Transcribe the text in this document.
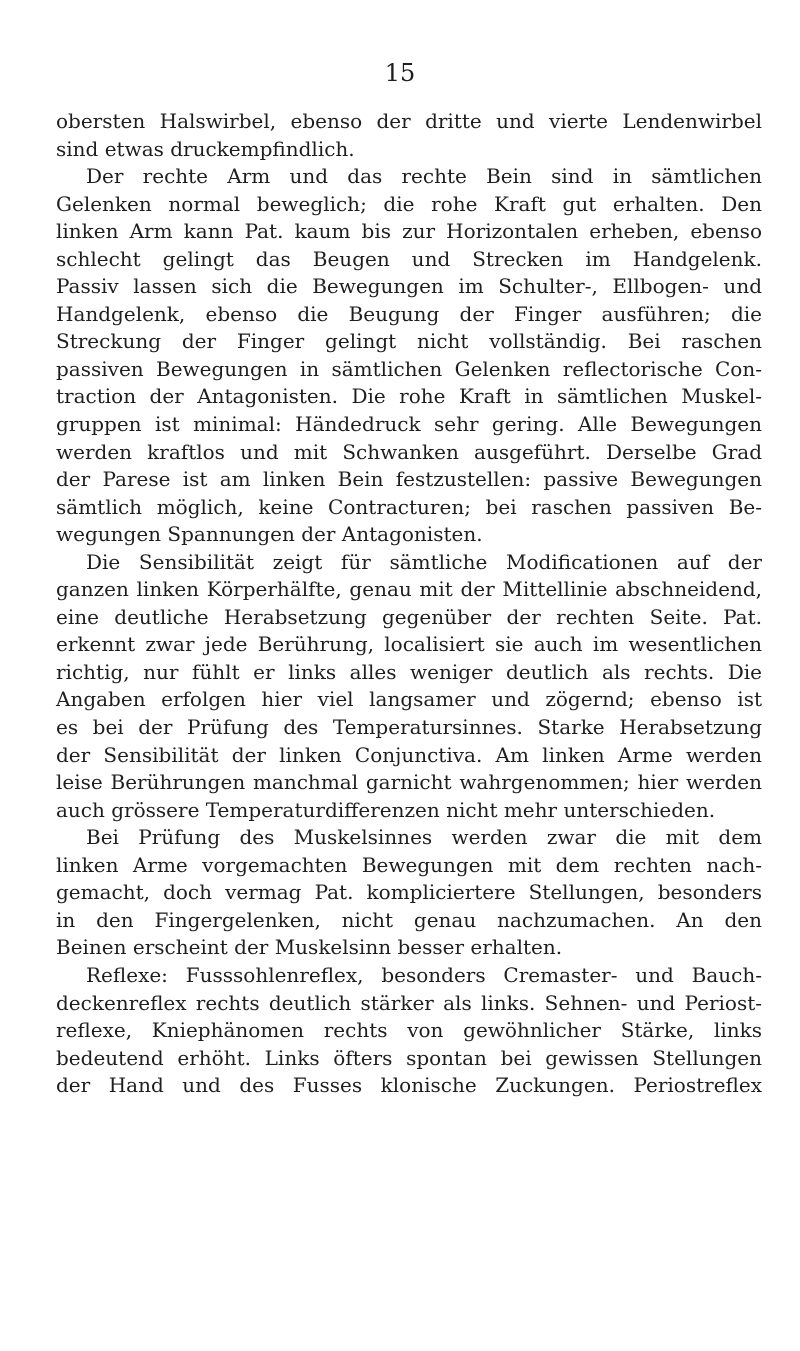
15
obersten Halswirbel, ebenso der dritte und vierte Lendenwirbel
sind etwas druckempfindlich.
Der rechte Arm und das rechte Bein sind in sämtlichen
Gelenken normal beweglich; die rohe Kraft gut erhalten. Den
linken Arm kann Pat. kaum bis zur Horizontalen erheben, ebenso
schlecht gelingt das Beugen und Strecken im Handgelenk.
Passiv lassen sich die Bewegungen im Schulter-, Ellbogen- und
Handgelenk, ebenso die Beugung der Finger ausführen; die
Streckung der Finger gelingt nicht vollständig. Bei raschen
passiven Bewegungen in sämtlichen Gelenken reflectorische Con-
traction der Antagonisten. Die rohe Kraft in sämtlichen Muskel-
gruppen ist minimal: Händedruck sehr gering. Alle Bewegungen
werden kraftlos und mit Schwanken ausgeführt. Derselbe Grad
der Parese ist am linken Bein festzustellen: passive Bewegungen
sämtlich möglich, keine Contracturen; bei raschen passiven Be-
wegungen Spannungen der Antagonisten.
Die Sensibilität zeigt für sämtliche Modificationen auf der
ganzen linken Körperhälfte, genau mit der Mittellinie abschneidend,
eine deutliche Herabsetzung gegenüber der rechten Seite. Pat.
erkennt zwar jede Berührung, localisiert sie auch im wesentlichen
richtig, nur fühlt er links alles weniger deutlich als rechts. Die
Angaben erfolgen hier viel langsamer und zögernd; ebenso ist
es bei der Prüfung des Temperatursinnes. Starke Herabsetzung
der Sensibilität der linken Conjunctiva. Am linken Arme werden
leise Berührungen manchmal garnicht wahrgenommen; hier werden
auch grössere Temperaturdifferenzen nicht mehr unterschieden.
Bei Prüfung des Muskelsinnes werden zwar die mit dem
linken Arme vorgemachten Bewegungen mit dem rechten nach-
gemacht, doch vermag Pat. kompliciertere Stellungen, besonders
in den Fingergelenken, nicht genau nachzumachen. An den
Beinen erscheint der Muskelsinn besser erhalten.
Reflexe: Fusssohlenreflex, besonders Cremaster- und Bauch-
deckenreflex rechts deutlich stärker als links. Sehnen- und Periost-
reflexe, Kniephänomen rechts von gewöhnlicher Stärke, links
bedeutend erhöht. Links öfters spontan bei gewissen Stellungen
der Hand und des Fusses klonische Zuckungen. Periostreflex
